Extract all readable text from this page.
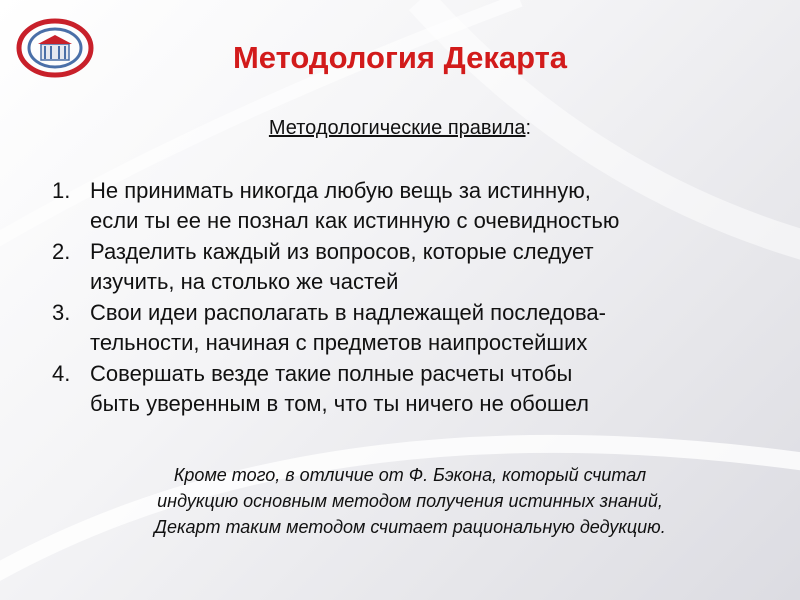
Методология Декарта
Методологические правила:
1. Не принимать никогда любую вещь за истинную,
если ты ее не познал как истинную с очевидностью
2. Разделить каждый из вопросов, которые следует
изучить, на столько же частей
3. Свои идеи располагать в надлежащей последова-
тельности, начиная с предметов наипростейших
4. Совершать везде такие полные расчеты чтобы
быть уверенным в том, что ты ничего не обошел
Кроме того, в отличие от Ф. Бэкона, который считал
индукцию основным методом получения истинных знаний,
Декарт таким методом считает рациональную дедукцию.
